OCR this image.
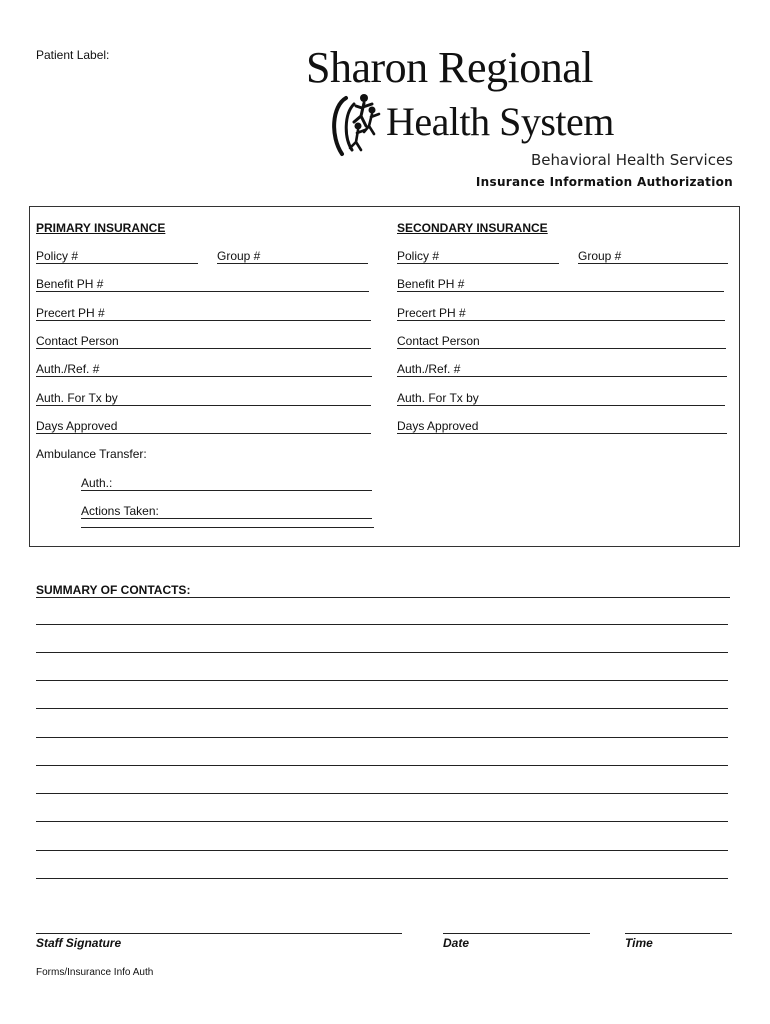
Patient Label:	Sharon Regional
Health System
Behavioral Health Services
Insurance Information Authorization
PRIMARY INSURANCE
Policy #	Group #
Benefit PH #
Precert PH #
Contact Person
Auth./Ref. #
Auth. For Tx by
Days Approved
Ambulance Transfer:
Auth.:
Actions Taken:
SECONDARY INSURANCE
Policy #	Group #
Benefit PH #
Precert PH #
Contact Person
Auth./Ref. #
Auth. For Tx by
Days Approved
SUMMARY OF CONTACTS:
Staff Signature	Date	Time
Forms/Insurance Info Auth
